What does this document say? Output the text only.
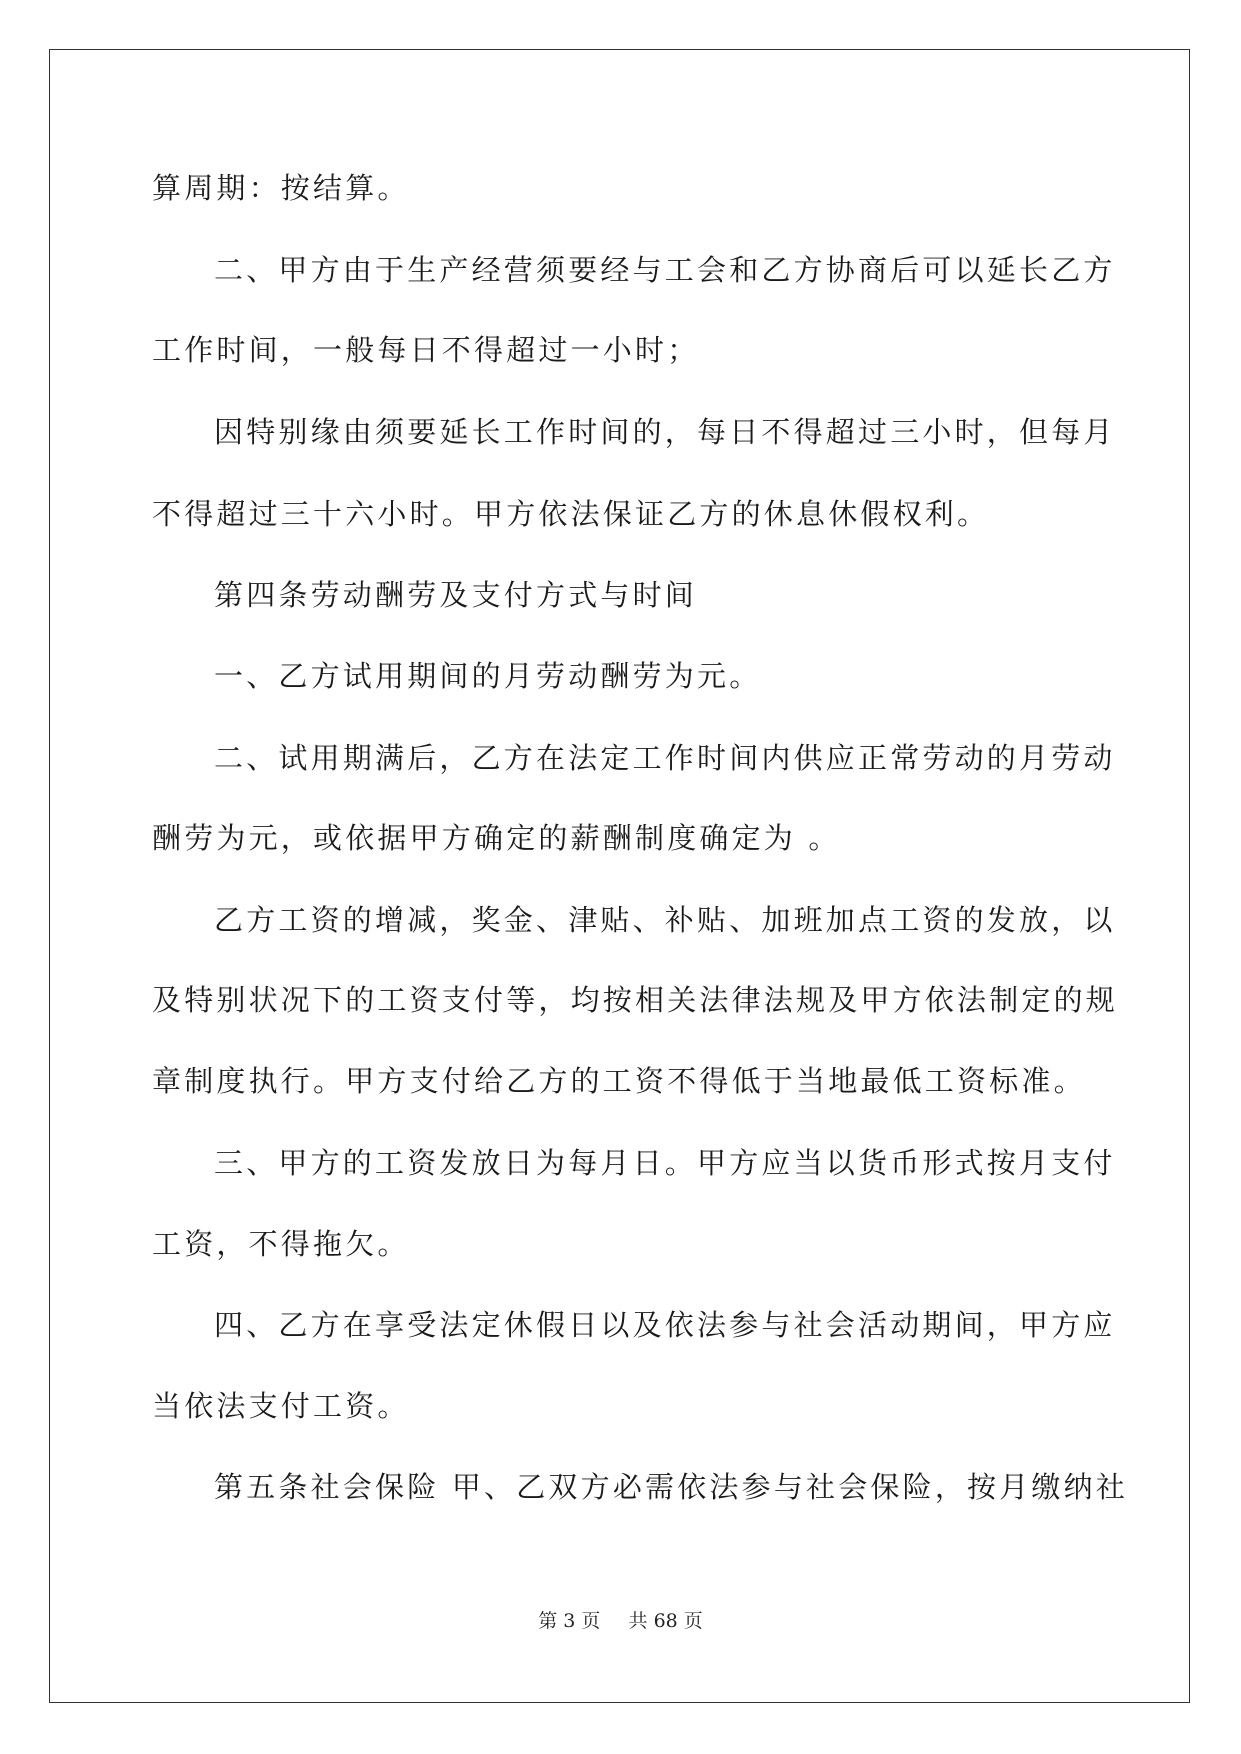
算周期：按结算。
二、甲方由于生产经营须要经与工会和乙方协商后可以延长乙方
工作时间，一般每日不得超过一小时；
因特别缘由须要延长工作时间的，每日不得超过三小时，但每月
不得超过三十六小时。甲方依法保证乙方的休息休假权利。
第四条劳动酬劳及支付方式与时间
一、乙方试用期间的月劳动酬劳为元。
二、试用期满后，乙方在法定工作时间内供应正常劳动的月劳动
酬劳为元，或依据甲方确定的薪酬制度确定为 。
乙方工资的增减，奖金、津贴、补贴、加班加点工资的发放，以
及特别状况下的工资支付等，均按相关法律法规及甲方依法制定的规
章制度执行。甲方支付给乙方的工资不得低于当地最低工资标准。
三、甲方的工资发放日为每月日。甲方应当以货币形式按月支付
工资，不得拖欠。
四、乙方在享受法定休假日以及依法参与社会活动期间，甲方应
当依法支付工资。
第五条社会保险 甲、乙双方必需依法参与社会保险，按月缴纳社
第 3 页 共 68 页
